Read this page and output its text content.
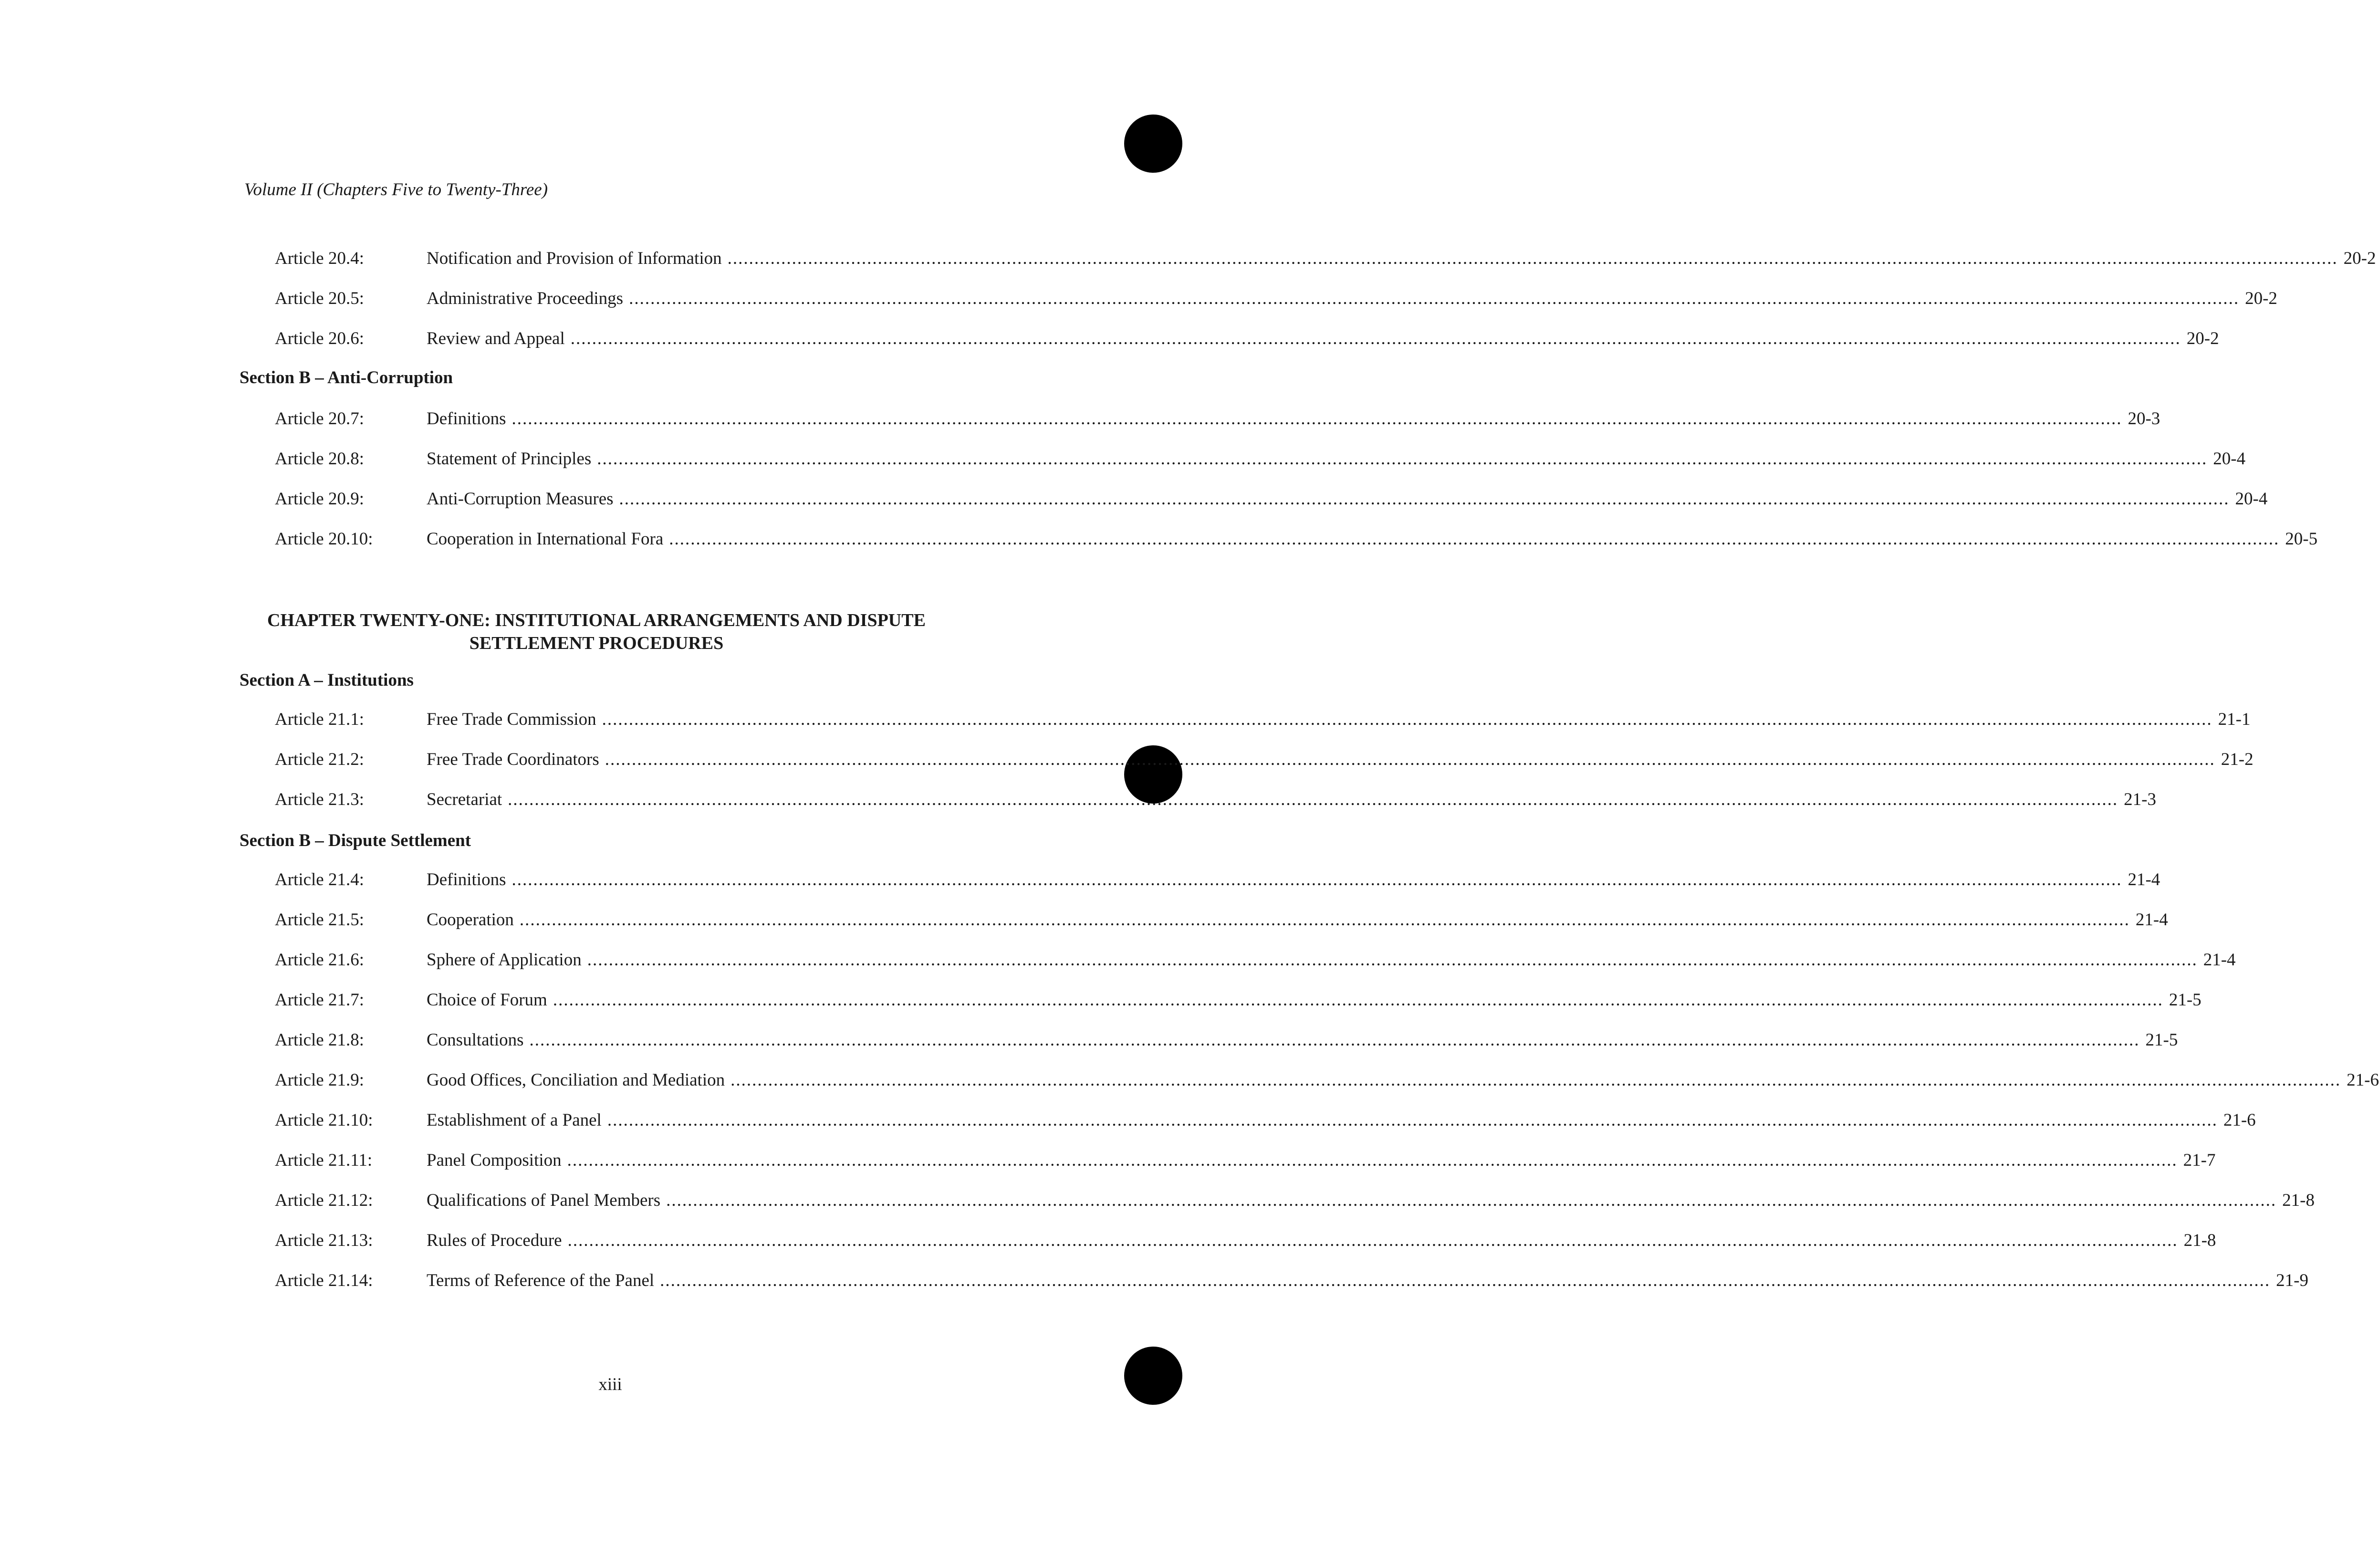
Volume II (Chapters Five to Twenty-Three)
Article 20.4:	Notification and Provision of Information ............................................................................................................................................................................................................................................................................................................ 20-2
Article 20.5:	Administrative Proceedings ............................................................................................................................................................................................................................................................................................................ 20-2
Article 20.6:	Review and Appeal ............................................................................................................................................................................................................................................................................................................ 20-2
Section B – Anti-Corruption
Article 20.7:	Definitions ............................................................................................................................................................................................................................................................................................................ 20-3
Article 20.8:	Statement of Principles ............................................................................................................................................................................................................................................................................................................ 20-4
Article 20.9:	Anti-Corruption Measures ............................................................................................................................................................................................................................................................................................................ 20-4
Article 20.10:	Cooperation in International Fora ............................................................................................................................................................................................................................................................................................................ 20-5
CHAPTER TWENTY-ONE: INSTITUTIONAL ARRANGEMENTS AND DISPUTE
SETTLEMENT PROCEDURES
Section A – Institutions
Article 21.1:	Free Trade Commission ............................................................................................................................................................................................................................................................................................................ 21-1
Article 21.2:	Free Trade Coordinators ............................................................................................................................................................................................................................................................................................................ 21-2
Article 21.3:	Secretariat ............................................................................................................................................................................................................................................................................................................ 21-3
Section B – Dispute Settlement
Article 21.4:	Definitions ............................................................................................................................................................................................................................................................................................................ 21-4
Article 21.5:	Cooperation ............................................................................................................................................................................................................................................................................................................ 21-4
Article 21.6:	Sphere of Application ............................................................................................................................................................................................................................................................................................................ 21-4
Article 21.7:	Choice of Forum ............................................................................................................................................................................................................................................................................................................ 21-5
Article 21.8:	Consultations ............................................................................................................................................................................................................................................................................................................ 21-5
Article 21.9:	Good Offices, Conciliation and Mediation ............................................................................................................................................................................................................................................................................................................ 21-6
Article 21.10:	Establishment of a Panel ............................................................................................................................................................................................................................................................................................................ 21-6
Article 21.11:	Panel Composition ............................................................................................................................................................................................................................................................................................................ 21-7
Article 21.12:	Qualifications of Panel Members ............................................................................................................................................................................................................................................................................................................ 21-8
Article 21.13:	Rules of Procedure ............................................................................................................................................................................................................................................................................................................ 21-8
Article 21.14:	Terms of Reference of the Panel ............................................................................................................................................................................................................................................................................................................ 21-9
xiii
